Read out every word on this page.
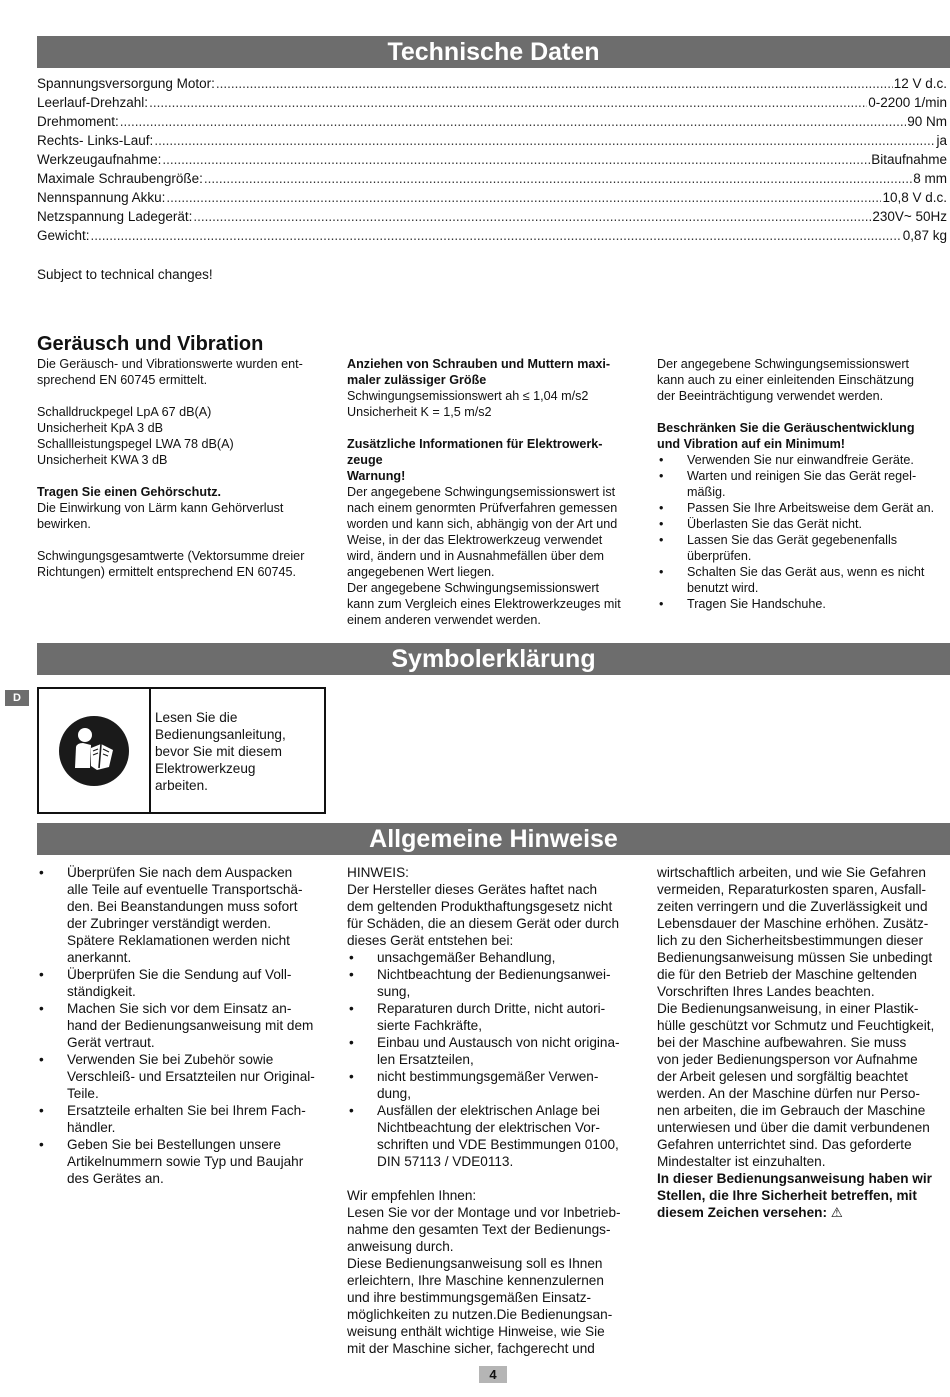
Technische Daten
Spannungsversorgung Motor: .....	12 V d.c.
Leerlauf-Drehzahl: .....	0-2200 1/min
Drehmoment: .....	90 Nm
Rechts- Links-Lauf: .....	ja
Werkzeugaufnahme: .....	Bitaufnahme
Maximale Schraubengröße: .....	8 mm
Nennspannung Akku: .....	10,8 V d.c.
Netzspannung Ladegerät: .....	230V~ 50Hz
Gewicht: .....	0,87 kg
Subject to technical changes!
Geräusch und Vibration

Die Geräusch- und Vibrationswerte wurden ent-

sprechend EN 60745 ermittelt.

Schalldruckpegel LpA 67 dB(A)

Unsicherheit KpA 3 dB

Schallleistungspegel LWA 78 dB(A)

Unsicherheit KWA 3 dB

Tragen Sie einen Gehörschutz.

Die Einwirkung von Lärm kann Gehörverlust

bewirken.

Schwingungsgesamtwerte (Vektorsumme dreier

Richtungen) ermittelt entsprechend EN 60745.

Anziehen von Schrauben und Muttern maxi-

maler zulässiger Größe

Schwingungsemissionswert ah ≤ 1,04 m/s2

Unsicherheit K = 1,5 m/s2

Zusätzliche Informationen für Elektrowerk-

zeuge

Warnung!

Der angegebene Schwingungsemissionswert ist

nach einem genormten Prüfverfahren gemessen

worden und kann sich, abhängig von der Art und

Weise, in der das Elektrowerkzeug verwendet

wird, ändern und in Ausnahmefällen über dem

angegebenen Wert liegen.

Der angegebene Schwingungsemissionswert

kann zum Vergleich eines Elektrowerkzeuges mit

einem anderen verwendet werden.

Der angegebene Schwingungsemissionswert

kann auch zu einer einleitenden Einschätzung

der Beeinträchtigung verwendet werden.

Beschränken Sie die Geräuschentwicklung

und Vibration auf ein Minimum!

• Verwenden Sie nur einwandfreie Geräte.
• Warten und reinigen Sie das Gerät regel-
mäßig.
• Passen Sie Ihre Arbeitsweise dem Gerät an.
• Überlasten Sie das Gerät nicht.
• Lassen Sie das Gerät gegebenenfalls
überprüfen.
• Schalten Sie das Gerät aus, wenn es nicht
benutzt wird.
• Tragen Sie Handschuhe.
Symbolerklärung
D
Lesen Sie die
Bedienungsanleitung,
bevor Sie mit diesem
Elektrowerkzeug
arbeiten.
Allgemeine Hinweise
• Überprüfen Sie nach dem Auspacken
alle Teile auf eventuelle Transportschä-
den. Bei Beanstandungen muss sofort
der Zubringer verständigt werden.
Spätere Reklamationen werden nicht
anerkannt.
• Überprüfen Sie die Sendung auf Voll-
ständigkeit.
• Machen Sie sich vor dem Einsatz an-
hand der Bedienungsanweisung mit dem
Gerät vertraut.
• Verwenden Sie bei Zubehör sowie
Verschleiß- und Ersatzteilen nur Original-
Teile.
• Ersatzteile erhalten Sie bei Ihrem Fach-
händler.
• Geben Sie bei Bestellungen unsere
Artikelnummern sowie Typ und Baujahr
des Gerätes an.

HINWEIS:

Der Hersteller dieses Gerätes haftet nach

dem geltenden Produkthaftungsgesetz nicht

für Schäden, die an diesem Gerät oder durch

dieses Gerät entstehen bei:

• unsachgemäßer Behandlung,
• Nichtbeachtung der Bedienungsanwei-
sung,
• Reparaturen durch Dritte, nicht autori-
sierte Fachkräfte,
• Einbau und Austausch von nicht origina-
len Ersatzteilen,
• nicht bestimmungsgemäßer Verwen-
dung,
• Ausfällen der elektrischen Anlage bei
Nichtbeachtung der elektrischen Vor-
schriften und VDE Bestimmungen 0100,
DIN 57113 / VDE0113.

Wir empfehlen Ihnen:

Lesen Sie vor der Montage und vor Inbetrieb-

nahme den gesamten Text der Bedienungs-

anweisung durch.

Diese Bedienungsanweisung soll es Ihnen

erleichtern, Ihre Maschine kennenzulernen

und ihre bestimmungsgemäßen Einsatz-

möglichkeiten zu nutzen.Die Bedienungsan-

weisung enthält wichtige Hinweise, wie Sie

mit der Maschine sicher, fachgerecht und

wirtschaftlich arbeiten, und wie Sie Gefahren

vermeiden, Reparaturkosten sparen, Ausfall-

zeiten verringern und die Zuverlässigkeit und

Lebensdauer der Maschine erhöhen. Zusätz-

lich zu den Sicherheitsbestimmungen dieser

Bedienungsanweisung müssen Sie unbedingt

die für den Betrieb der Maschine geltenden

Vorschriften Ihres Landes beachten.

Die Bedienungsanweisung, in einer Plastik-

hülle geschützt vor Schmutz und Feuchtigkeit,

bei der Maschine aufbewahren. Sie muss

von jeder Bedienungsperson vor Aufnahme

der Arbeit gelesen und sorgfältig beachtet

werden. An der Maschine dürfen nur Perso-

nen arbeiten, die im Gebrauch der Maschine

unterwiesen und über die damit verbundenen

Gefahren unterrichtet sind. Das geforderte

Mindestalter ist einzuhalten.

In dieser Bedienungsanweisung haben wir

Stellen, die Ihre Sicherheit betreffen, mit

diesem Zeichen versehen: ⚠

4
